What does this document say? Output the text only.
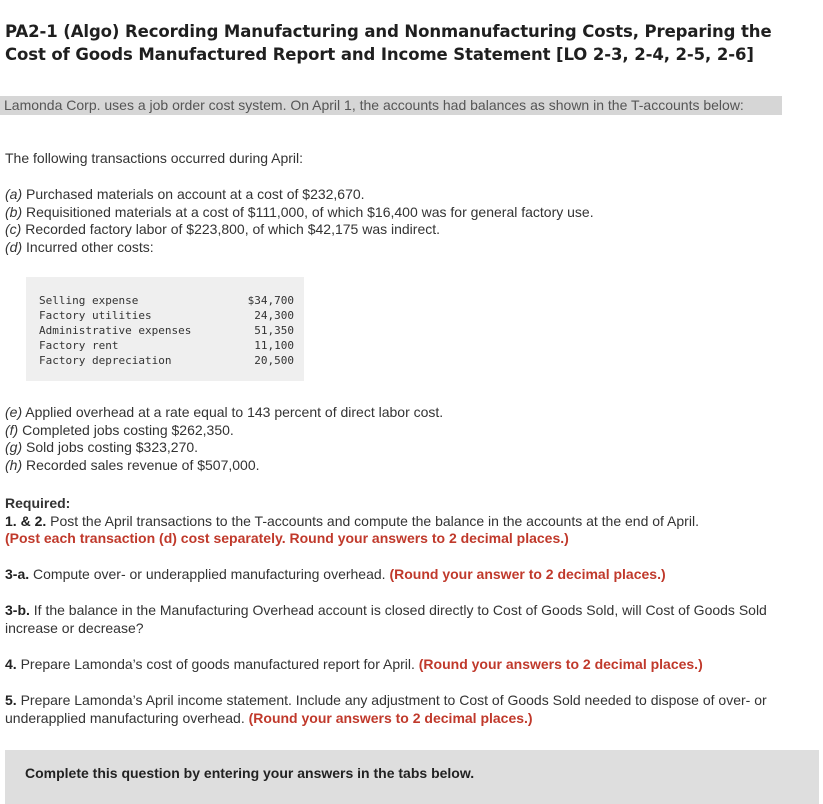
PA2-1 (Algo) Recording Manufacturing and Nonmanufacturing Costs, Preparing the Cost of Goods Manufactured Report and Income Statement [LO 2-3, 2-4, 2-5, 2-6]
Lamonda Corp. uses a job order cost system. On April 1, the accounts had balances as shown in the T-accounts below:

The following transactions occurred during April:

(a) Purchased materials on account at a cost of $232,670.
(b) Requisitioned materials at a cost of $111,000, of which $16,400 was for general factory use.
(c) Recorded factory labor of $223,800, of which $42,175 was indirect.
(d) Incurred other costs:
Selling expense	$34,700
Factory utilities	24,300
Administrative expenses	51,350
Factory rent	11,100
Factory depreciation	20,500
(e) Applied overhead at a rate equal to 143 percent of direct labor cost.
(f) Completed jobs costing $262,350.
(g) Sold jobs costing $323,270.
(h) Recorded sales revenue of $507,000.
Required:
1. & 2. Post the April transactions to the T-accounts and compute the balance in the accounts at the end of April.
(Post each transaction (d) cost separately. Round your answers to 2 decimal places.)
3-a. Compute over- or underapplied manufacturing overhead. (Round your answer to 2 decimal places.)
3-b. If the balance in the Manufacturing Overhead account is closed directly to Cost of Goods Sold, will Cost of Goods Sold increase or decrease?
4. Prepare Lamonda’s cost of goods manufactured report for April. (Round your answers to 2 decimal places.)
5. Prepare Lamonda’s April income statement. Include any adjustment to Cost of Goods Sold needed to dispose of over- or underapplied manufacturing overhead. (Round your answers to 2 decimal places.)
Complete this question by entering your answers in the tabs below.
